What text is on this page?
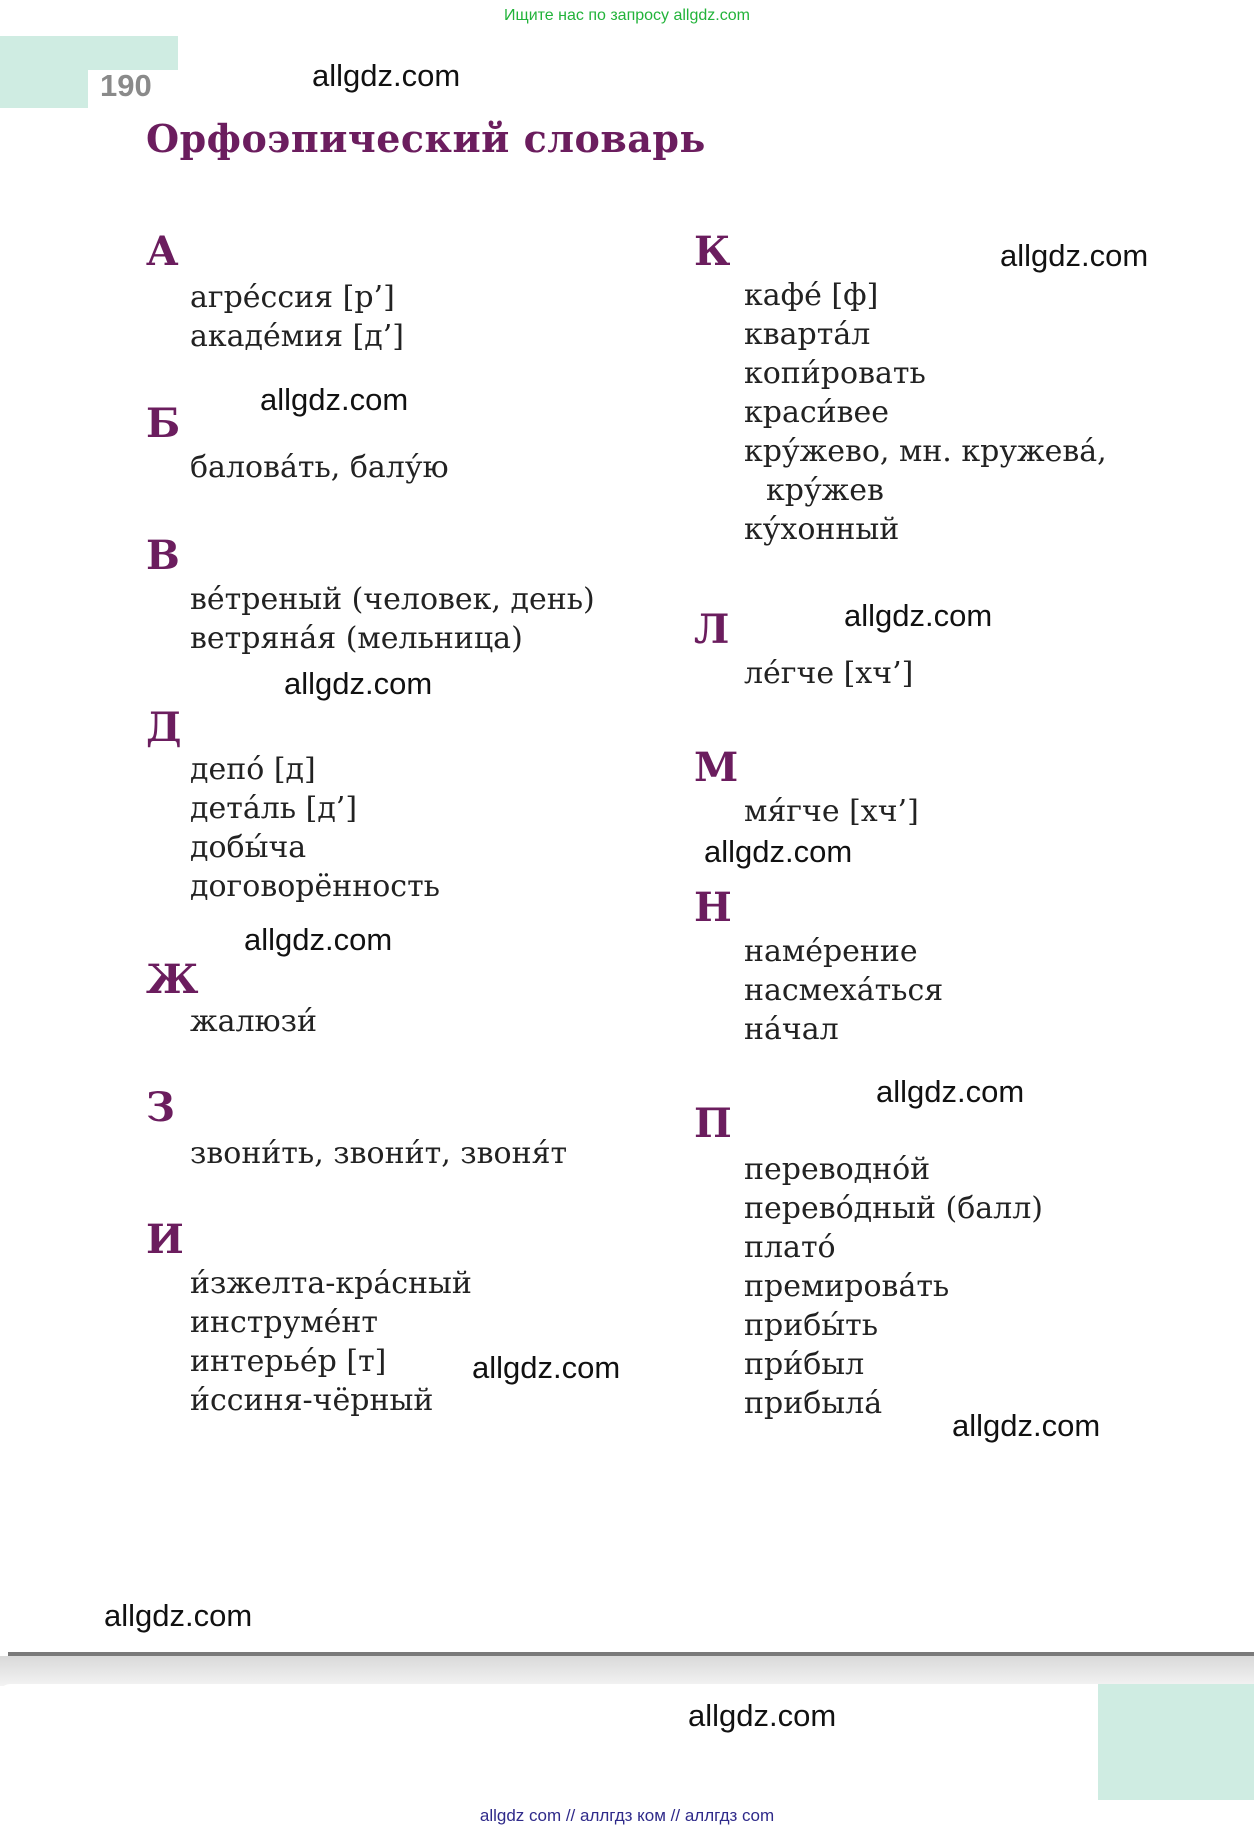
Ищите нас по запросу allgdz.com
190
Орфоэпический словарь
А
агре́ссия [р’]
акаде́мия [д’]
Б
балова́ть, балу́ю
В
ве́треный (человек, день)
ветряна́я (мельница)
Д
депо́ [д]
дета́ль [д’]
добы́ча
договорённость
Ж
жалюзи́
З
звони́ть, звони́т, звоня́т
И
и́зжелта-кра́сный
инструме́нт
интерье́р [т]
и́ссиня-чёрный
К
кафе́ [ф]
кварта́л
копи́ровать
краси́вее
кру́жево, мн. кружева́,
кру́жев
ку́хонный
Л
ле́гче [хч’]
М
мя́гче [хч’]
Н
наме́рение
насмеха́ться
на́чал
П
переводно́й
перево́дный (балл)
плато́
премирова́ть
прибы́ть
при́был
прибыла́
allgdz.com
allgdz.com
allgdz.com
allgdz.com
allgdz.com
allgdz.com
allgdz.com
allgdz.com
allgdz.com
allgdz.com
allgdz.com
allgdz.com
allgdz com // аллгдз ком // аллгдз com
